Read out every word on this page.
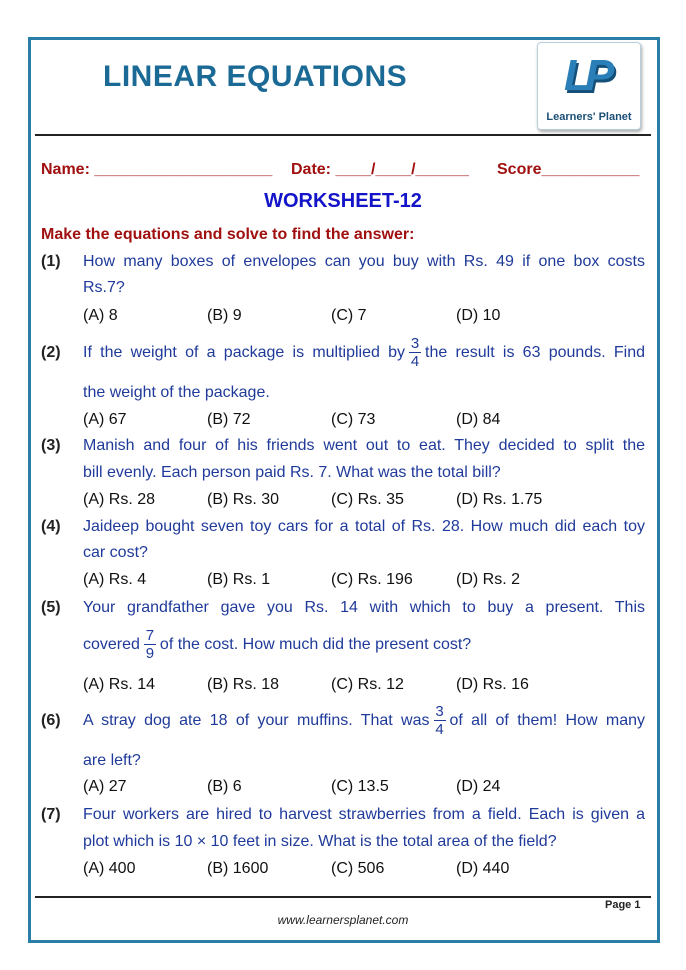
LINEAR EQUATIONS	LP
Learners' Planet
Name: ____________________ Date: ____/____/______ Score___________
WORKSHEET-12
Make the equations and solve to find the answer:
(1) How many boxes of envelopes can you buy with Rs. 49 if one box costs
Rs.7?
(A) 8	(B) 9	(C) 7	(D) 10
(2) If the weight of a package is multiplied by $\frac{3}{4}$ the result is 63 pounds. Find
the weight of the package.
(A) 67	(B) 72	(C) 73	(D) 84
(3) Manish and four of his friends went out to eat. They decided to split the
bill evenly. Each person paid Rs. 7. What was the total bill?
(A) Rs. 28	(B) Rs. 30	(C) Rs. 35	(D) Rs. 1.75
(4) Jaideep bought seven toy cars for a total of Rs. 28. How much did each toy
car cost?
(A) Rs. 4	(B) Rs. 1	(C) Rs. 196	(D) Rs. 2
(5) Your grandfather gave you Rs. 14 with which to buy a present. This
covered $\frac{7}{9}$ of the cost. How much did the present cost?
(A) Rs. 14	(B) Rs. 18	(C) Rs. 12	(D) Rs. 16
(6) A stray dog ate 18 of your muffins. That was $\frac{3}{4}$ of all of them! How many
are left?
(A) 27	(B) 6	(C) 13.5	(D) 24
(7) Four workers are hired to harvest strawberries from a field. Each is given a
plot which is 10 × 10 feet in size. What is the total area of the field?
(A) 400	(B) 1600	(C) 506	(D) 440
Page 1
www.learnersplanet.com
